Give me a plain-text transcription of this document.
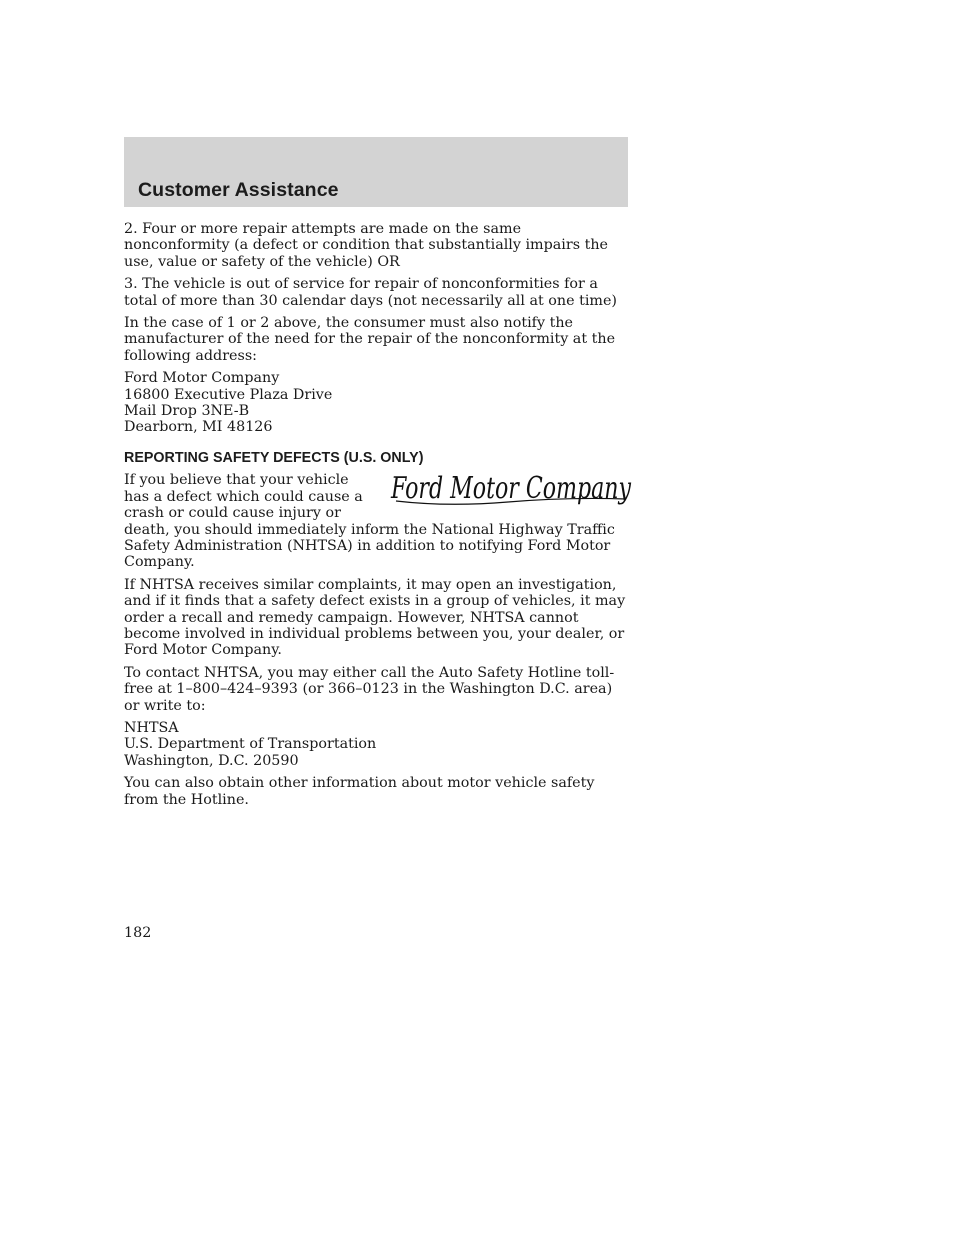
Customer Assistance

2. Four or more repair attempts are made on the same nonconformity (a defect or condition that substantially impairs the use, value or safety of the vehicle) OR

3. The vehicle is out of service for repair of nonconformities for a total of more than 30 calendar days (not necessarily all at one time)

In the case of 1 or 2 above, the consumer must also notify the manufacturer of the need for the repair of the nonconformity at the following address:

Ford Motor Company
16800 Executive Plaza Drive
Mail Drop 3NE-B
Dearborn, MI 48126

REPORTING SAFETY DEFECTS (U.S. ONLY)

Ford Motor Company
If you believe that your vehicle has a defect which could cause a crash or could cause injury or death, you should immediately inform the National Highway Traffic Safety Administration (NHTSA) in addition to notifying Ford Motor Company.

If NHTSA receives similar complaints, it may open an investigation, and if it finds that a safety defect exists in a group of vehicles, it may order a recall and remedy campaign. However, NHTSA cannot become involved in individual problems between you, your dealer, or Ford Motor Company.

To contact NHTSA, you may either call the Auto Safety Hotline toll-free at 1–800–424–9393 (or 366–0123 in the Washington D.C. area) or write to:

NHTSA
U.S. Department of Transportation
Washington, D.C. 20590

You can also obtain other information about motor vehicle safety from the Hotline.

182
